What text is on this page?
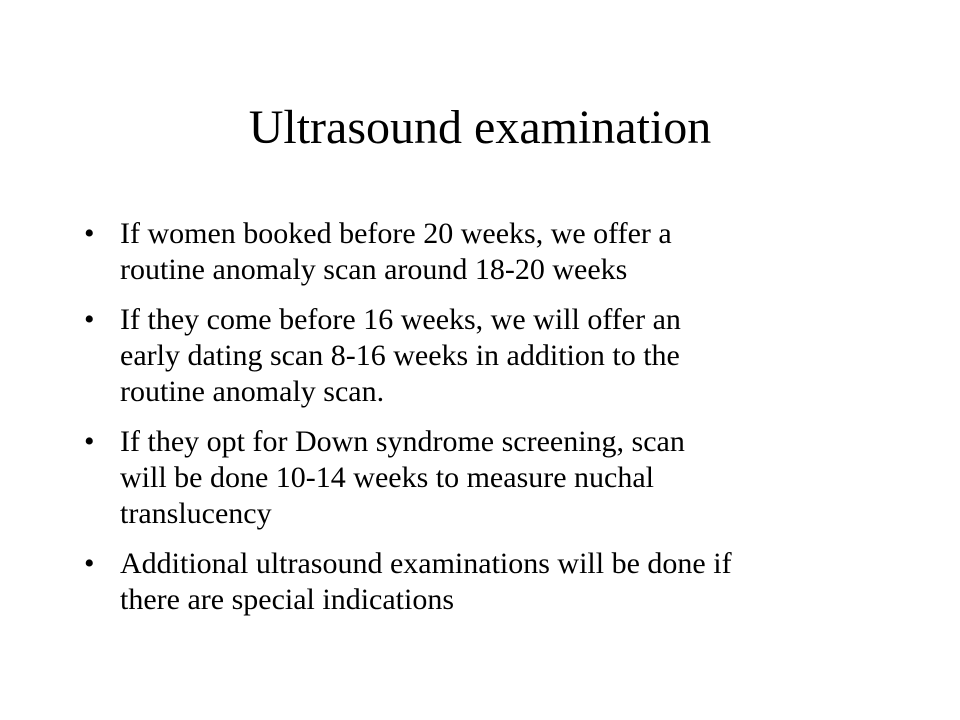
Ultrasound examination
• If women booked before 20 weeks, we offer a
routine anomaly scan around 18-20 weeks
• If they come before 16 weeks, we will offer an
early dating scan 8-16 weeks in addition to the
routine anomaly scan.
• If they opt for Down syndrome screening, scan
will be done 10-14 weeks to measure nuchal
translucency
• Additional ultrasound examinations will be done if
there are special indications
